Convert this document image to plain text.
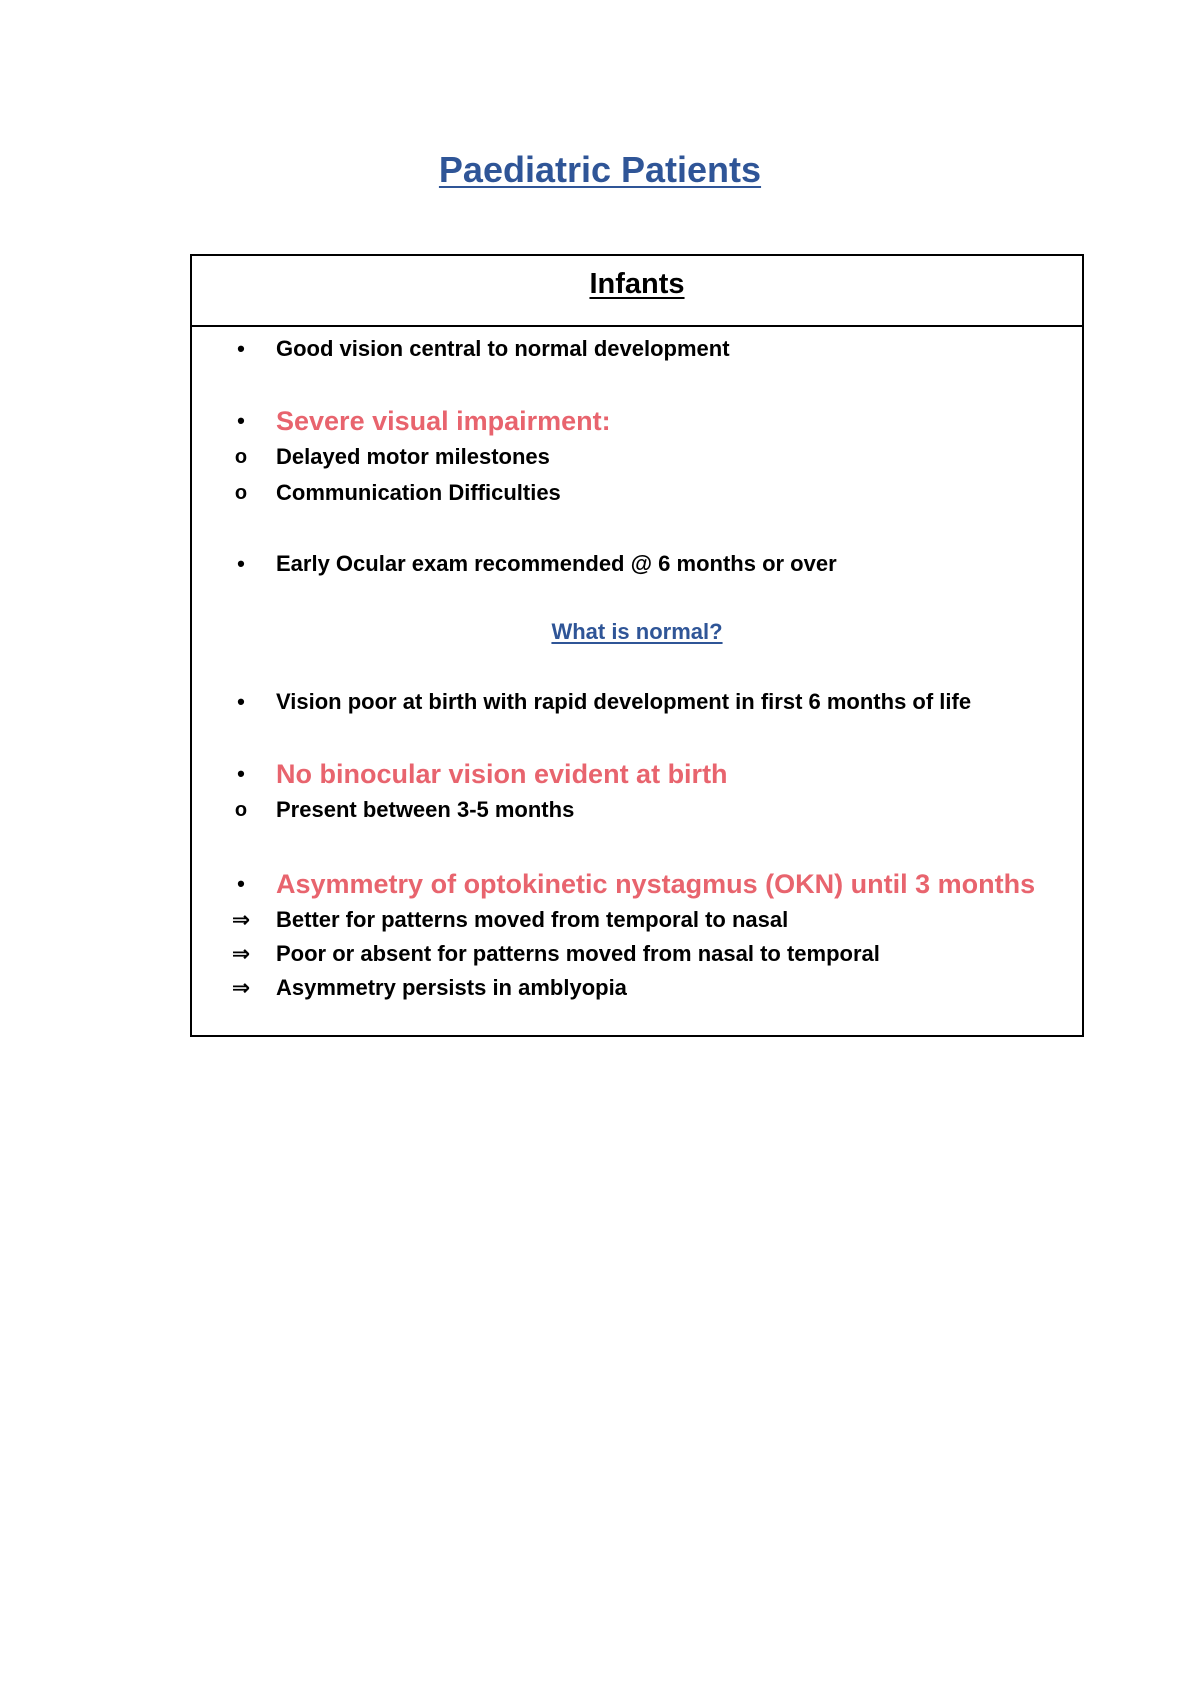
Paediatric Patients
Infants
•	Good vision central to normal development
•	Severe visual impairment:
o	Delayed motor milestones
o	Communication Difficulties
•	Early Ocular exam recommended @ 6 months or over
What is normal?
•	Vision poor at birth with rapid development in first 6 months of life
•	No binocular vision evident at birth
o	Present between 3-5 months
•	Asymmetry of optokinetic nystagmus (OKN) until 3 months
⇒ Better for patterns moved from temporal to nasal
⇒ Poor or absent for patterns moved from nasal to temporal
⇒ Asymmetry persists in amblyopia
